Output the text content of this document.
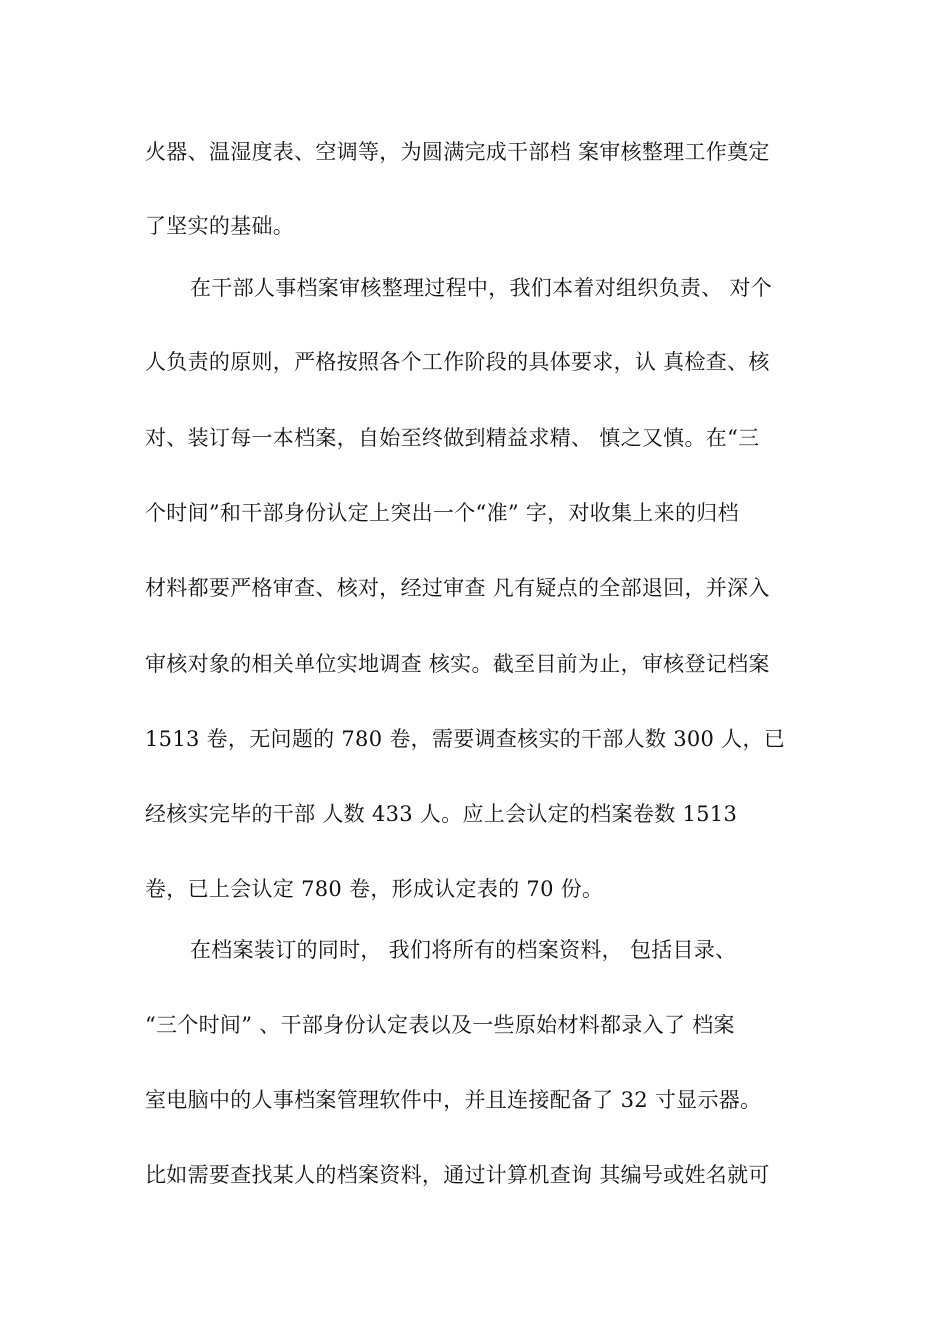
火器、温湿度表、空调等，为圆满完成干部档 案审核整理工作奠定
了坚实的基础。
在干部人事档案审核整理过程中，我们本着对组织负责、 对个
人负责的原则，严格按照各个工作阶段的具体要求，认 真检查、核
对、装订每一本档案，自始至终做到精益求精、 慎之又慎。在“三
个时间”和干部身份认定上突出一个“准” 字，对收集上来的归档
材料都要严格审查、核对，经过审查 凡有疑点的全部退回，并深入
审核对象的相关单位实地调查 核实。截至目前为止，审核登记档案
1513 卷，无问题的 780 卷，需要调查核实的干部人数 300 人，已
经核实完毕的干部 人数 433 人。应上会认定的档案卷数 1513
卷，已上会认定 780 卷，形成认定表的 70 份。
在档案装订的同时， 我们将所有的档案资料， 包括目录、
“三个时间” 、干部身份认定表以及一些原始材料都录入了 档案
室电脑中的人事档案管理软件中，并且连接配备了 32 寸显示器。
比如需要查找某人的档案资料，通过计算机查询 其编号或姓名就可
